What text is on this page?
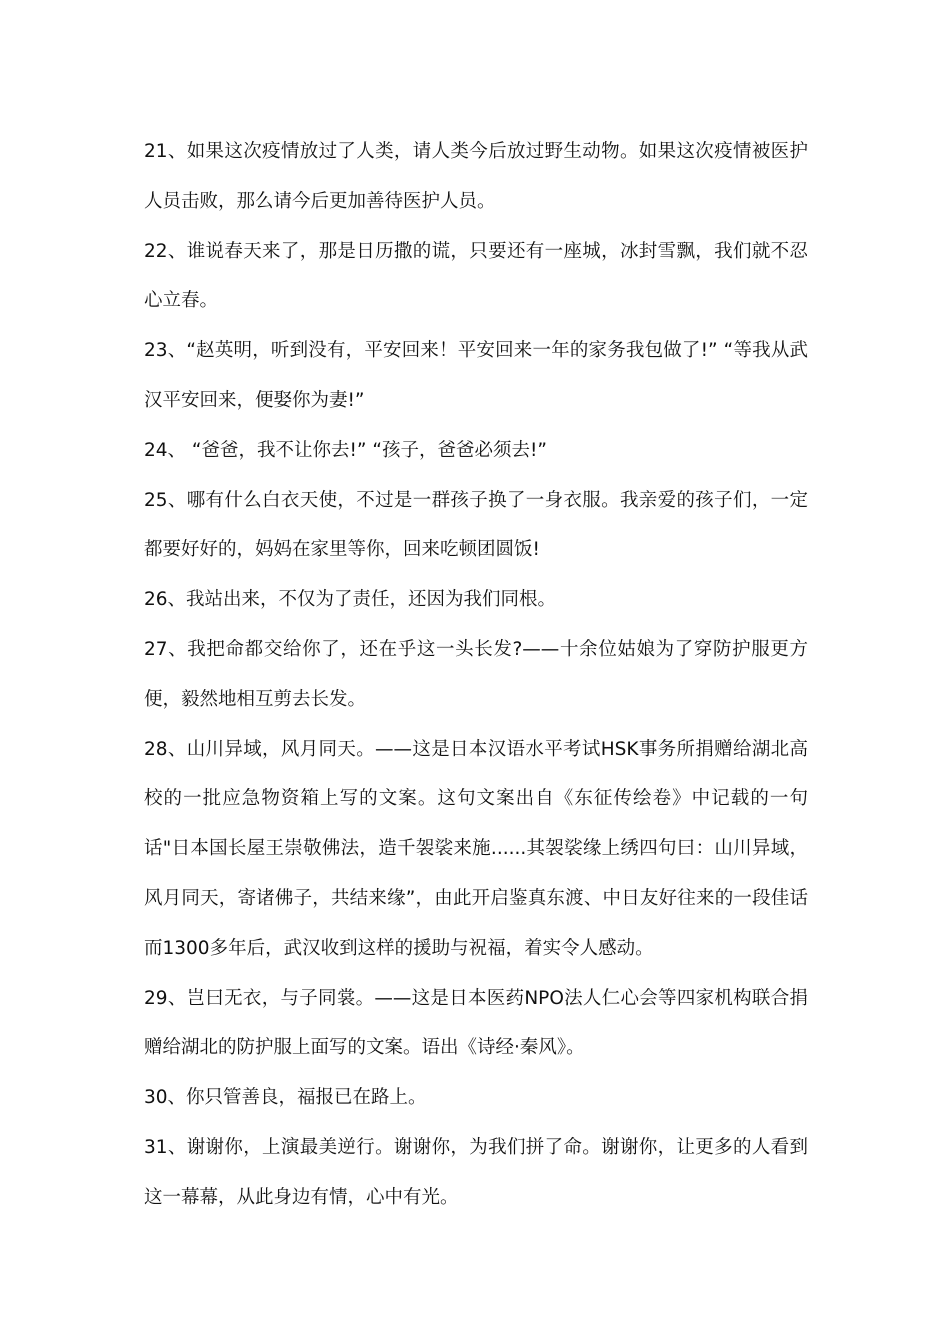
21、如果这次疫情放过了人类，请人类今后放过野生动物。如果这次疫情被医护人员击败，那么请今后更加善待医护人员。

22、谁说春天来了，那是日历撒的谎，只要还有一座城，冰封雪飘，我们就不忍心立春。

23、“赵英明，听到没有，平安回来！平安回来一年的家务我包做了!” “等我从武汉平安回来，便娶你为妻!”

24、 “爸爸，我不让你去!” “孩子，爸爸必须去!”

25、哪有什么白衣天使，不过是一群孩子换了一身衣服。我亲爱的孩子们，一定都要好好的，妈妈在家里等你，回来吃顿团圆饭!

26、我站出来，不仅为了责任，还因为我们同根。

27、我把命都交给你了，还在乎这一头长发?——十余位姑娘为了穿防护服更方便，毅然地相互剪去长发。

28、山川异域，风月同天。——这是日本汉语水平考试HSK事务所捐赠给湖北高校的一批应急物资箱上写的文案。这句文案出自《东征传绘卷》中记载的一句话"日本国长屋王崇敬佛法，造千袈裟来施......其袈裟缘上绣四句曰：山川异域，风月同天，寄诸佛子，共结来缘”，由此开启鉴真东渡、中日友好往来的一段佳话而1300多年后，武汉收到这样的援助与祝福，着实令人感动。

29、岂曰无衣，与子同裳。——这是日本医药NPO法人仁心会等四家机构联合捐赠给湖北的防护服上面写的文案。语出《诗经·秦风》。

30、你只管善良，福报已在路上。

31、谢谢你，上演最美逆行。谢谢你，为我们拼了命。谢谢你，让更多的人看到这一幕幕，从此身边有情，心中有光。
